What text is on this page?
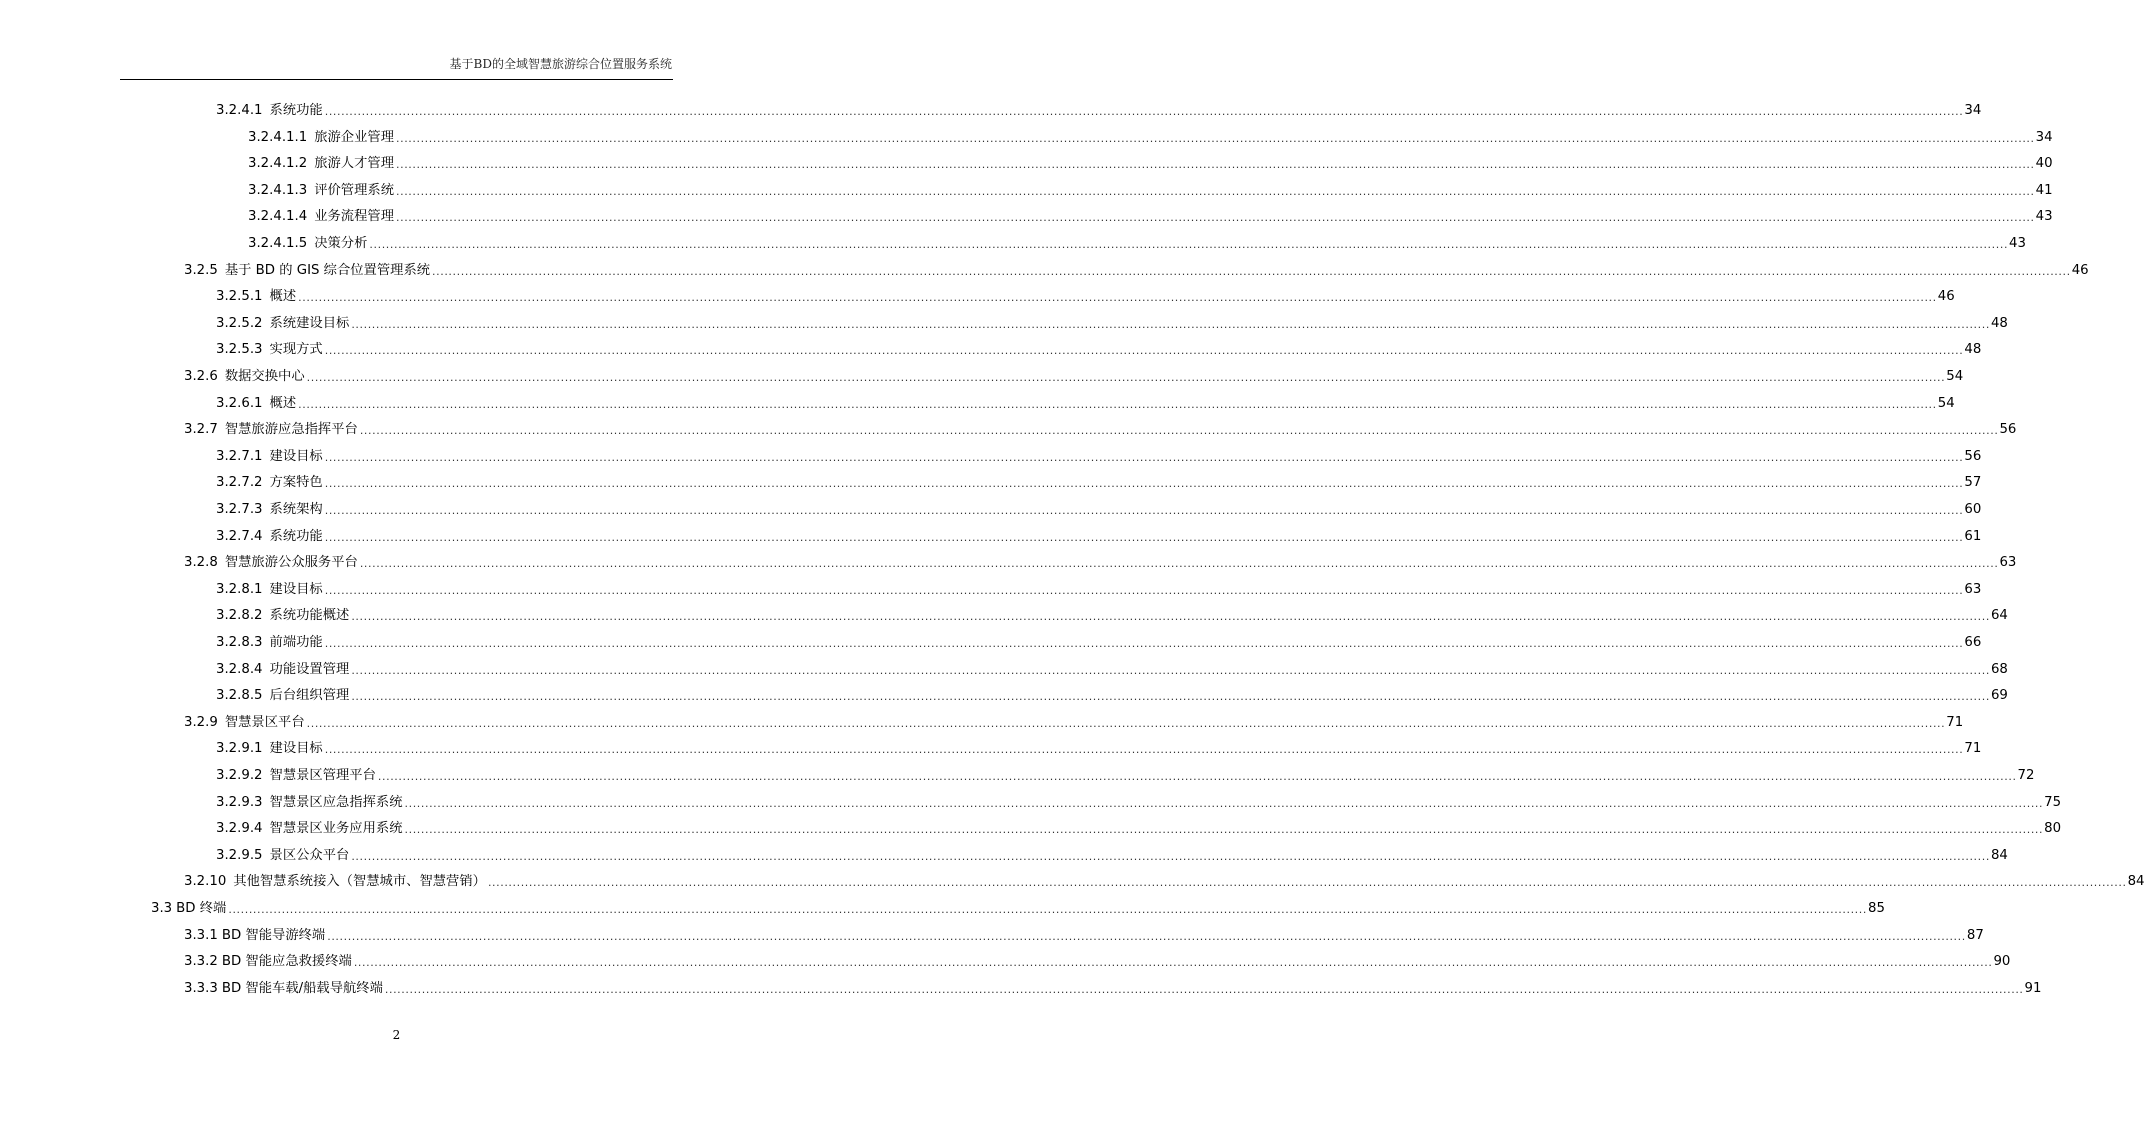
基于BD的全域智慧旅游综合位置服务系统
3.2.4.1 系统功能 ................................................................................................................................................................................................................................................................................................................................................................................................................ 34
3.2.4.1.1 旅游企业管理 ................................................................................................................................................................................................................................................................................................................................................................................................................ 34
3.2.4.1.2 旅游人才管理 ................................................................................................................................................................................................................................................................................................................................................................................................................ 40
3.2.4.1.3 评价管理系统 ................................................................................................................................................................................................................................................................................................................................................................................................................ 41
3.2.4.1.4 业务流程管理 ................................................................................................................................................................................................................................................................................................................................................................................................................ 43
3.2.4.1.5 决策分析 ................................................................................................................................................................................................................................................................................................................................................................................................................ 43
3.2.5 基于 BD 的 GIS 综合位置管理系统 ................................................................................................................................................................................................................................................................................................................................................................................................................ 46
3.2.5.1 概述 ................................................................................................................................................................................................................................................................................................................................................................................................................ 46
3.2.5.2 系统建设目标 ................................................................................................................................................................................................................................................................................................................................................................................................................ 48
3.2.5.3 实现方式 ................................................................................................................................................................................................................................................................................................................................................................................................................ 48
3.2.6 数据交换中心 ................................................................................................................................................................................................................................................................................................................................................................................................................ 54
3.2.6.1 概述 ................................................................................................................................................................................................................................................................................................................................................................................................................ 54
3.2.7 智慧旅游应急指挥平台 ................................................................................................................................................................................................................................................................................................................................................................................................................ 56
3.2.7.1 建设目标 ................................................................................................................................................................................................................................................................................................................................................................................................................ 56
3.2.7.2 方案特色 ................................................................................................................................................................................................................................................................................................................................................................................................................ 57
3.2.7.3 系统架构 ................................................................................................................................................................................................................................................................................................................................................................................................................ 60
3.2.7.4 系统功能 ................................................................................................................................................................................................................................................................................................................................................................................................................ 61
3.2.8 智慧旅游公众服务平台 ................................................................................................................................................................................................................................................................................................................................................................................................................ 63
3.2.8.1 建设目标 ................................................................................................................................................................................................................................................................................................................................................................................................................ 63
3.2.8.2 系统功能概述 ................................................................................................................................................................................................................................................................................................................................................................................................................ 64
3.2.8.3 前端功能 ................................................................................................................................................................................................................................................................................................................................................................................................................ 66
3.2.8.4 功能设置管理 ................................................................................................................................................................................................................................................................................................................................................................................................................ 68
3.2.8.5 后台组织管理 ................................................................................................................................................................................................................................................................................................................................................................................................................ 69
3.2.9 智慧景区平台 ................................................................................................................................................................................................................................................................................................................................................................................................................ 71
3.2.9.1 建设目标 ................................................................................................................................................................................................................................................................................................................................................................................................................ 71
3.2.9.2 智慧景区管理平台 ................................................................................................................................................................................................................................................................................................................................................................................................................ 72
3.2.9.3 智慧景区应急指挥系统 ................................................................................................................................................................................................................................................................................................................................................................................................................ 75
3.2.9.4 智慧景区业务应用系统 ................................................................................................................................................................................................................................................................................................................................................................................................................ 80
3.2.9.5 景区公众平台 ................................................................................................................................................................................................................................................................................................................................................................................................................ 84
3.2.10 其他智慧系统接入（智慧城市、智慧营销） ................................................................................................................................................................................................................................................................................................................................................................................................................ 84
3.3 BD 终端 ................................................................................................................................................................................................................................................................................................................................................................................................................ 85
3.3.1 BD 智能导游终端 ................................................................................................................................................................................................................................................................................................................................................................................................................ 87
3.3.2 BD 智能应急救援终端 ................................................................................................................................................................................................................................................................................................................................................................................................................ 90
3.3.3 BD 智能车载/船载导航终端 ................................................................................................................................................................................................................................................................................................................................................................................................................ 91
2
